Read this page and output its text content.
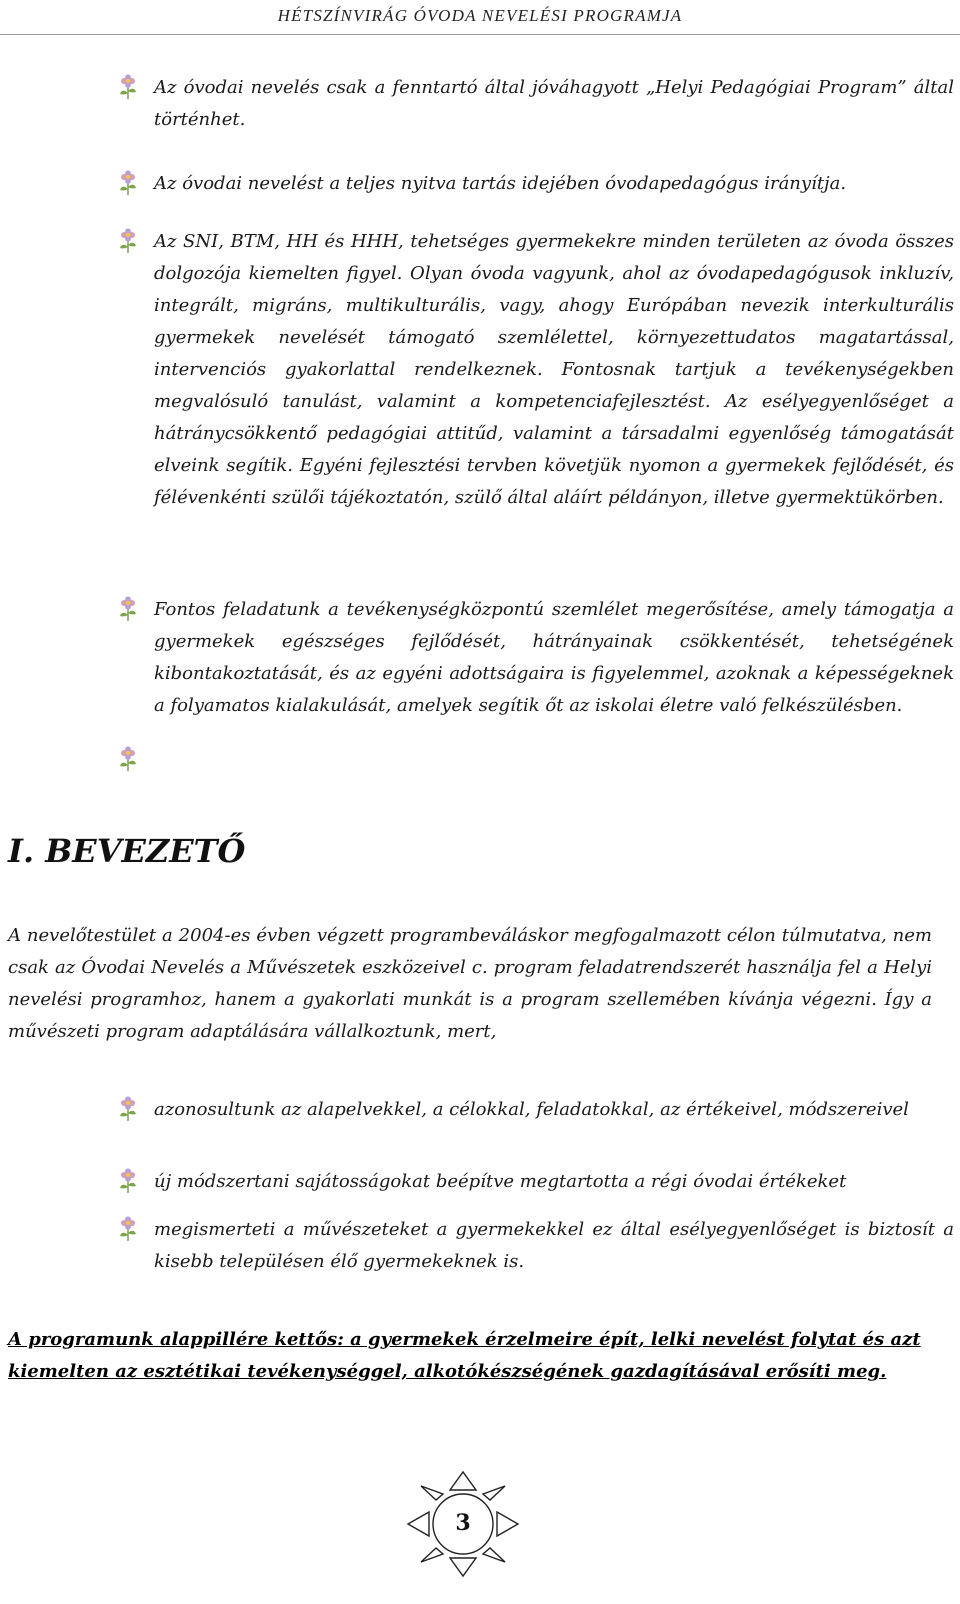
HÉTSZÍNVIRÁG ÓVODA NEVELÉSI PROGRAMJA
Az óvodai nevelés csak a fenntartó által jóváhagyott „Helyi Pedagógiai Program” által történhet.
Az óvodai nevelést a teljes nyitva tartás idejében óvodapedagógus irányítja.
Az SNI, BTM, HH és HHH, tehetséges gyermekekre minden területen az óvoda összes dolgozója kiemelten figyel. Olyan óvoda vagyunk, ahol az óvodapedagógusok inkluzív, integrált, migráns, multikulturális, vagy, ahogy Európában nevezik interkulturális gyermekek nevelését támogató szemlélettel, környezettudatos magatartással, intervenciós gyakorlattal rendelkeznek. Fontosnak tartjuk a tevékenységekben megvalósuló tanulást, valamint a kompetenciafejlesztést. Az esélyegyenlőséget a hátránycsökkentő pedagógiai attitűd, valamint a társadalmi egyenlőség támogatását elveink segítik. Egyéni fejlesztési tervben követjük nyomon a gyermekek fejlődését, és félévenkénti szülői tájékoztatón, szülő által aláírt példányon, illetve gyermektükörben.
Fontos feladatunk a tevékenységközpontú szemlélet megerősítése, amely támogatja a gyermekek egészséges fejlődését, hátrányainak csökkentését, tehetségének kibontakoztatását, és az egyéni adottságaira is figyelemmel, azoknak a képességeknek a folyamatos kialakulását, amelyek segítik őt az iskolai életre való felkészülésben.
I. BEVEZETŐ
A nevelőtestület a 2004-es évben végzett programbeváláskor megfogalmazott célon túlmutatva, nem csak az Óvodai Nevelés a Művészetek eszközeivel c. program feladatrendszerét használja fel a Helyi nevelési programhoz, hanem a gyakorlati munkát is a program szellemében kívánja végezni. Így a művészeti program adaptálására vállalkoztunk, mert,
azonosultunk az alapelvekkel, a célokkal, feladatokkal, az értékeivel, módszereivel
új módszertani sajátosságokat beépítve megtartotta a régi óvodai értékeket
megismerteti a művészeteket a gyermekekkel ez által esélyegyenlőséget is biztosít a kisebb településen élő gyermekeknek is.
A programunk alappillére kettős: a gyermekek érzelmeire épít, lelki nevelést folytat és azt kiemelten az esztétikai tevékenységgel, alkotókészségének gazdagításával erősíti meg.
3
